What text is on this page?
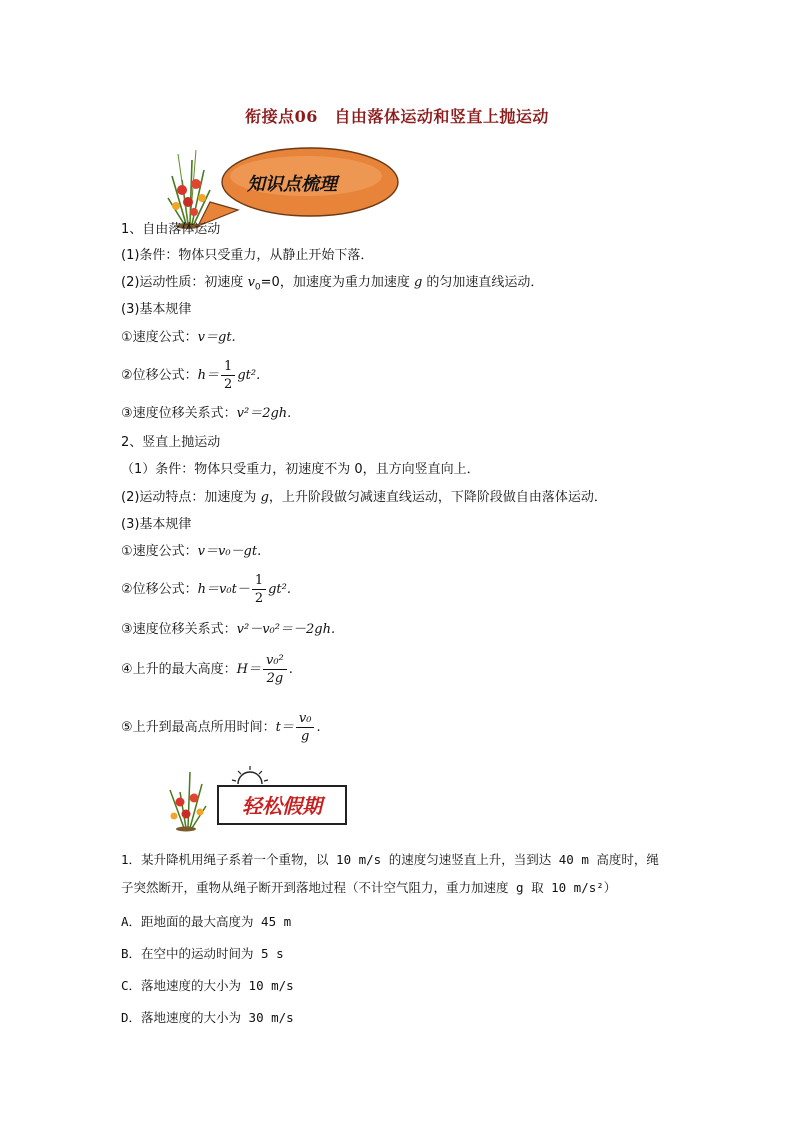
衔接点06　自由落体运动和竖直上抛运动
知识点梳理
1、自由落体运动
(1)条件：物体只受重力，从静止开始下落．
(2)运动性质：初速度 $v_0=0$，加速度为重力加速度 g 的匀加速直线运动．
(3)基本规律
①速度公式：v＝gt.
②位移公式：$h= \frac{1}{2} gt^2$.
③速度位移关系式：v²＝2gh.
2、竖直上抛运动
（1）条件：物体只受重力，初速度不为 0，且方向竖直向上．
(2)运动特点：加速度为 g，上升阶段做匀减速直线运动，下降阶段做自由落体运动．
(3)基本规律
①速度公式：v＝v₀－gt.
②位移公式：$h=v_0t- \frac{1}{2} gt^2$.
③速度位移关系式：v²－v₀²＝－2gh.
④上升的最大高度：$H= \frac{\text{v₀²}}{2g}$ .
⑤上升到最高点所用时间：$t= \frac{\text{v₀}}{g}$ .
轻松假期
1．某升降机用绳子系着一个重物，以 10 m/s 的速度匀速竖直上升，当到达 40 m 高度时，绳
子突然断开，重物从绳子断开到落地过程（不计空气阻力，重力加速度 g 取 10 m/s²）
A．距地面的最大高度为 45 m
B．在空中的运动时间为 5 s
C．落地速度的大小为 10 m/s
D．落地速度的大小为 30 m/s
